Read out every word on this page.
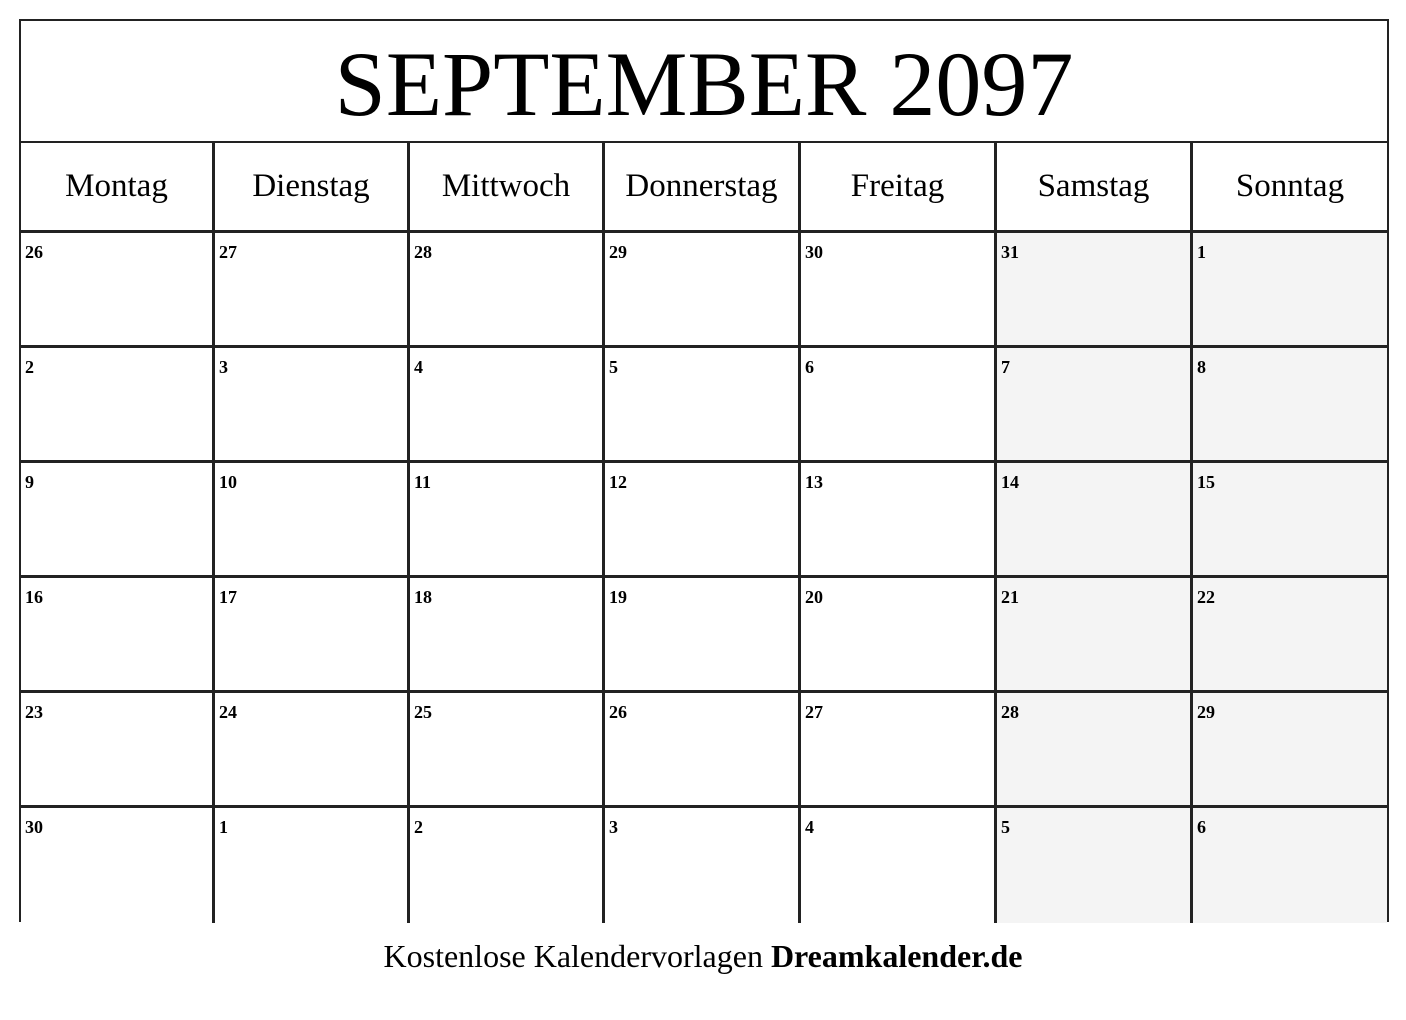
SEPTEMBER 2097
Montag	Dienstag	Mittwoch	Donnerstag	Freitag	Samstag	Sonntag
26	27	28	29	30	31	1
2	3	4	5	6	7	8
9	10	11	12	13	14	15
16	17	18	19	20	21	22
23	24	25	26	27	28	29
30	1	2	3	4	5	6
Kostenlose Kalendervorlagen Dreamkalender.de
